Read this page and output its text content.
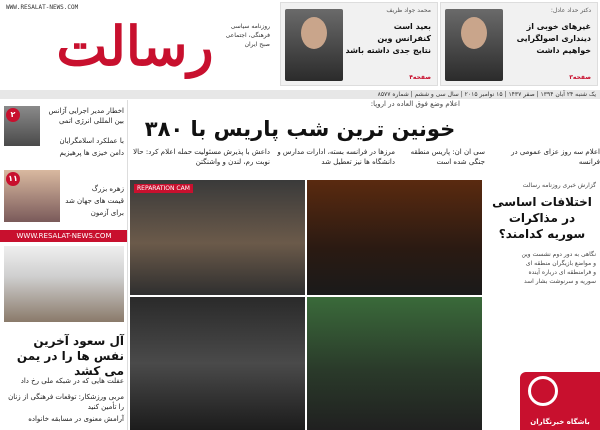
WWW.RESALAT-NEWS.COM
رسالت	روزنامه سیاسی
فرهنگی، اجتماعی
صبح ایران
دکتر حداد عادل:
غیرهای خوبی از
دینداری اصولگرایی
خواهیم داشت
صفحه۳
محمد جواد ظریف
بعید است
کنفرانس وین
نتایج جدی داشته باشد
صفحه۴
یک شنبه ۲۴ آبان ۱۳۹۴ | صفر ۱۴۳۷ | ۱۵ نوامبر ۲۰۱۵ | سال سی و ششم | شماره ۸۵۷۷
۲	اخطار مدیر اجرایی آژانس بین المللی انرژی اتمی
با عملکرد اسلامگرایان
دامن خیزی ها پرهیزیم
۱۱
زهره بزرگ
قیمت های جهان شد
برای آزمون
WWW.RESALAT-NEWS.COM
آل سعود آخرین نفس ها را در یمن می کشد
عفلت هایی که در شبکه ملی رخ داد
مربی ورزشکار: توقعات فرهنگی از زنان را تأمین کنید
آرامش معنوی در مسابقه خانواده
اعلام وضع فوق العاده در اروپا:
خونین ترین شب پاریس با ۳۸۰
اعلام سه روز عزای عمومی در فرانسه
سی ان ان: پاریس منطقه جنگی شده است
مرزها در فرانسه بسته، ادارات مدارس و دانشگاه ها نیز تعطیل شد
داعش با پذیرش مسئولیت حمله اعلام کرد: حالا نوبت رم، لندن و واشنگتن
REPARATION CAM	گزارش خبری روزنامه رسالت
اختلافات اساسی در مذاکرات سوریه کدامند؟
نگاهی به دور دوم نشست وین
و مواضع بازیگران منطقه ای
و فرامنطقه ای درباره آینده
سوریه و سرنوشت بشار اسد
باشگاه خبرنگاران
